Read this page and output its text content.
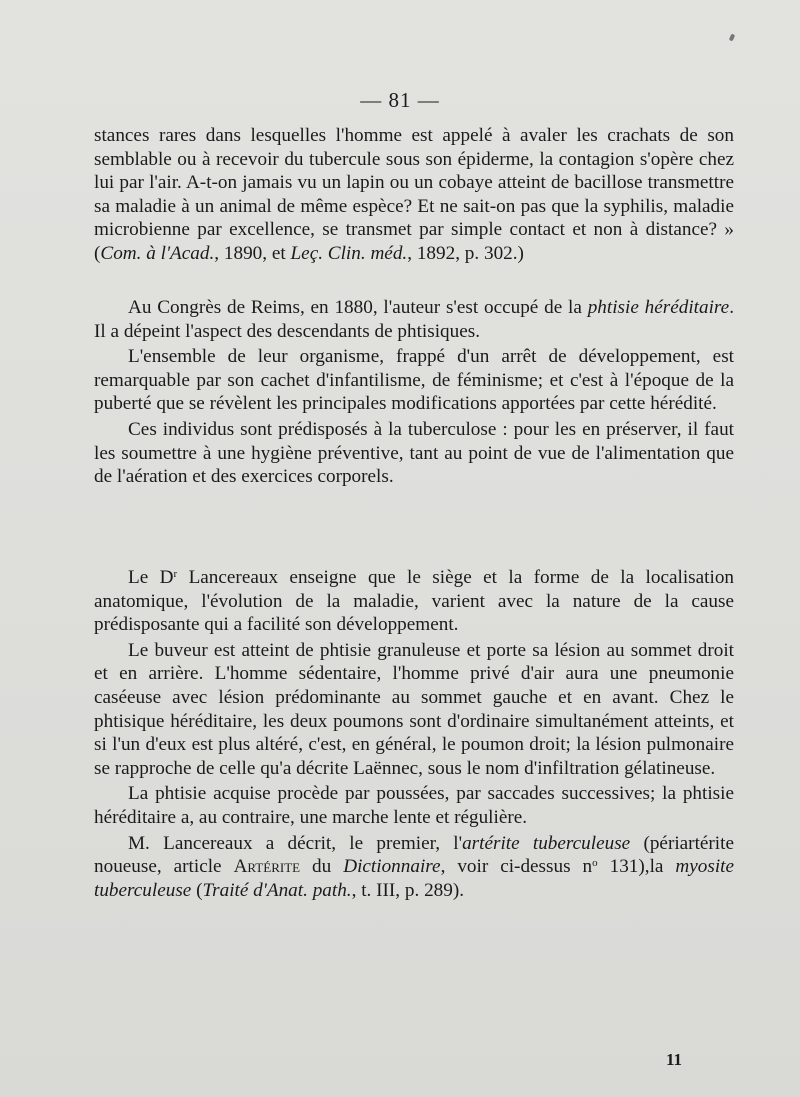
— 81 —

stances rares dans lesquelles l'homme est appelé à avaler les crachats de son semblable ou à recevoir du tubercule sous son épiderme, la contagion s'opère chez lui par l'air. A-t-on jamais vu un lapin ou un cobaye atteint de bacillose transmettre sa maladie à un animal de même espèce? Et ne sait-on pas que la syphilis, maladie microbienne par excellence, se transmet par simple contact et non à distance? » (Com. à l'Acad., 1890, et Leç. Clin. méd., 1892, p. 302.)

Au Congrès de Reims, en 1880, l'auteur s'est occupé de la phtisie héréditaire. Il a dépeint l'aspect des descendants de phtisiques.

L'ensemble de leur organisme, frappé d'un arrêt de développement, est remarquable par son cachet d'infantilisme, de féminisme; et c'est à l'époque de la puberté que se révèlent les principales modifications apportées par cette hérédité.

Ces individus sont prédisposés à la tuberculose : pour les en préserver, il faut les soumettre à une hygiène préventive, tant au point de vue de l'alimentation que de l'aération et des exercices corporels.

Le $D^r$ Lancereaux enseigne que le siège et la forme de la localisation anatomique, l'évolution de la maladie, varient avec la nature de la cause prédisposante qui a facilité son développement.

Le buveur est atteint de phtisie granuleuse et porte sa lésion au sommet droit et en arrière. L'homme sédentaire, l'homme privé d'air aura une pneumonie caséeuse avec lésion prédominante au sommet gauche et en avant. Chez le phtisique héréditaire, les deux poumons sont d'ordinaire simultanément atteints, et si l'un d'eux est plus altéré, c'est, en général, le poumon droit; la lésion pulmonaire se rapproche de celle qu'a décrite Laënnec, sous le nom d'infiltration gélatineuse.

La phtisie acquise procède par poussées, par saccades successives; la phtisie héréditaire a, au contraire, une marche lente et régulière.

M. Lancereaux a décrit, le premier, l'artérite tuberculeuse (périartérite noueuse, article Artérite du Dictionnaire, voir ci-dessus $n^o$ 131),la myosite tuberculeuse (Traité d'Anat. path., t. III, p. 289).

11
